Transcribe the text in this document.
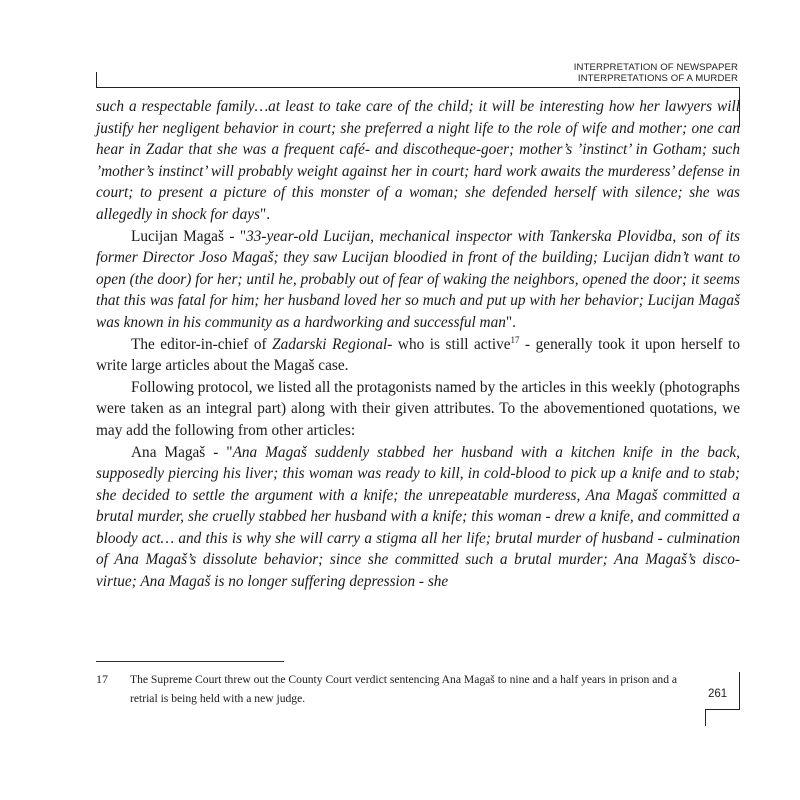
INTERPRETATION OF NEWSPAPER
INTERPRETATIONS OF A MURDER

such a respectable family…at least to take care of the child; it will be interesting how her lawyers will justify her negligent behavior in court; she preferred a night life to the role of wife and mother; one can hear in Zadar that she was a frequent café- and discotheque-goer; mother’s ’instinct’ in Gotham; such ’mother’s instinct’ will probably weight against her in court; hard work awaits the murderess’ defense in court; to present a picture of this monster of a woman; she defended herself with silence; she was allegedly in shock for days".

Lucijan Magaš - "33-year-old Lucijan, mechanical inspector with Tankerska Plovidba, son of its former Director Joso Magaš; they saw Lucijan bloodied in front of the building; Lucijan didn’t want to open (the door) for her; until he, probably out of fear of waking the neighbors, opened the door; it seems that this was fatal for him; her husband loved her so much and put up with her behavior; Lucijan Magaš was known in his community as a hardworking and successful man".

The editor-in-chief of Zadarski Regional- who is still active$^{17}$ - generally took it upon herself to write large articles about the Magaš case.

Following protocol, we listed all the protagonists named by the articles in this weekly (photographs were taken as an integral part) along with their given attributes. To the abovementioned quotations, we may add the following from other articles:

Ana Magaš - "Ana Magaš suddenly stabbed her husband with a kitchen knife in the back, supposedly piercing his liver; this woman was ready to kill, in cold-blood to pick up a knife and to stab; she decided to settle the argument with a knife; the unrepeatable murderess, Ana Magaš committed a brutal murder, she cruelly stabbed her husband with a knife; this woman - drew a knife, and committed a bloody act… and this is why she will carry a stigma all her life; brutal murder of husband - culmination of Ana Magaš’s dissolute behavior; since she committed such a brutal murder; Ana Magaš’s disco-virtue; Ana Magaš is no longer suffering depression - she

17	The Supreme Court threw out the County Court verdict sentencing Ana Magaš to nine and a half years in prison and a retrial is being held with a new judge.	261
